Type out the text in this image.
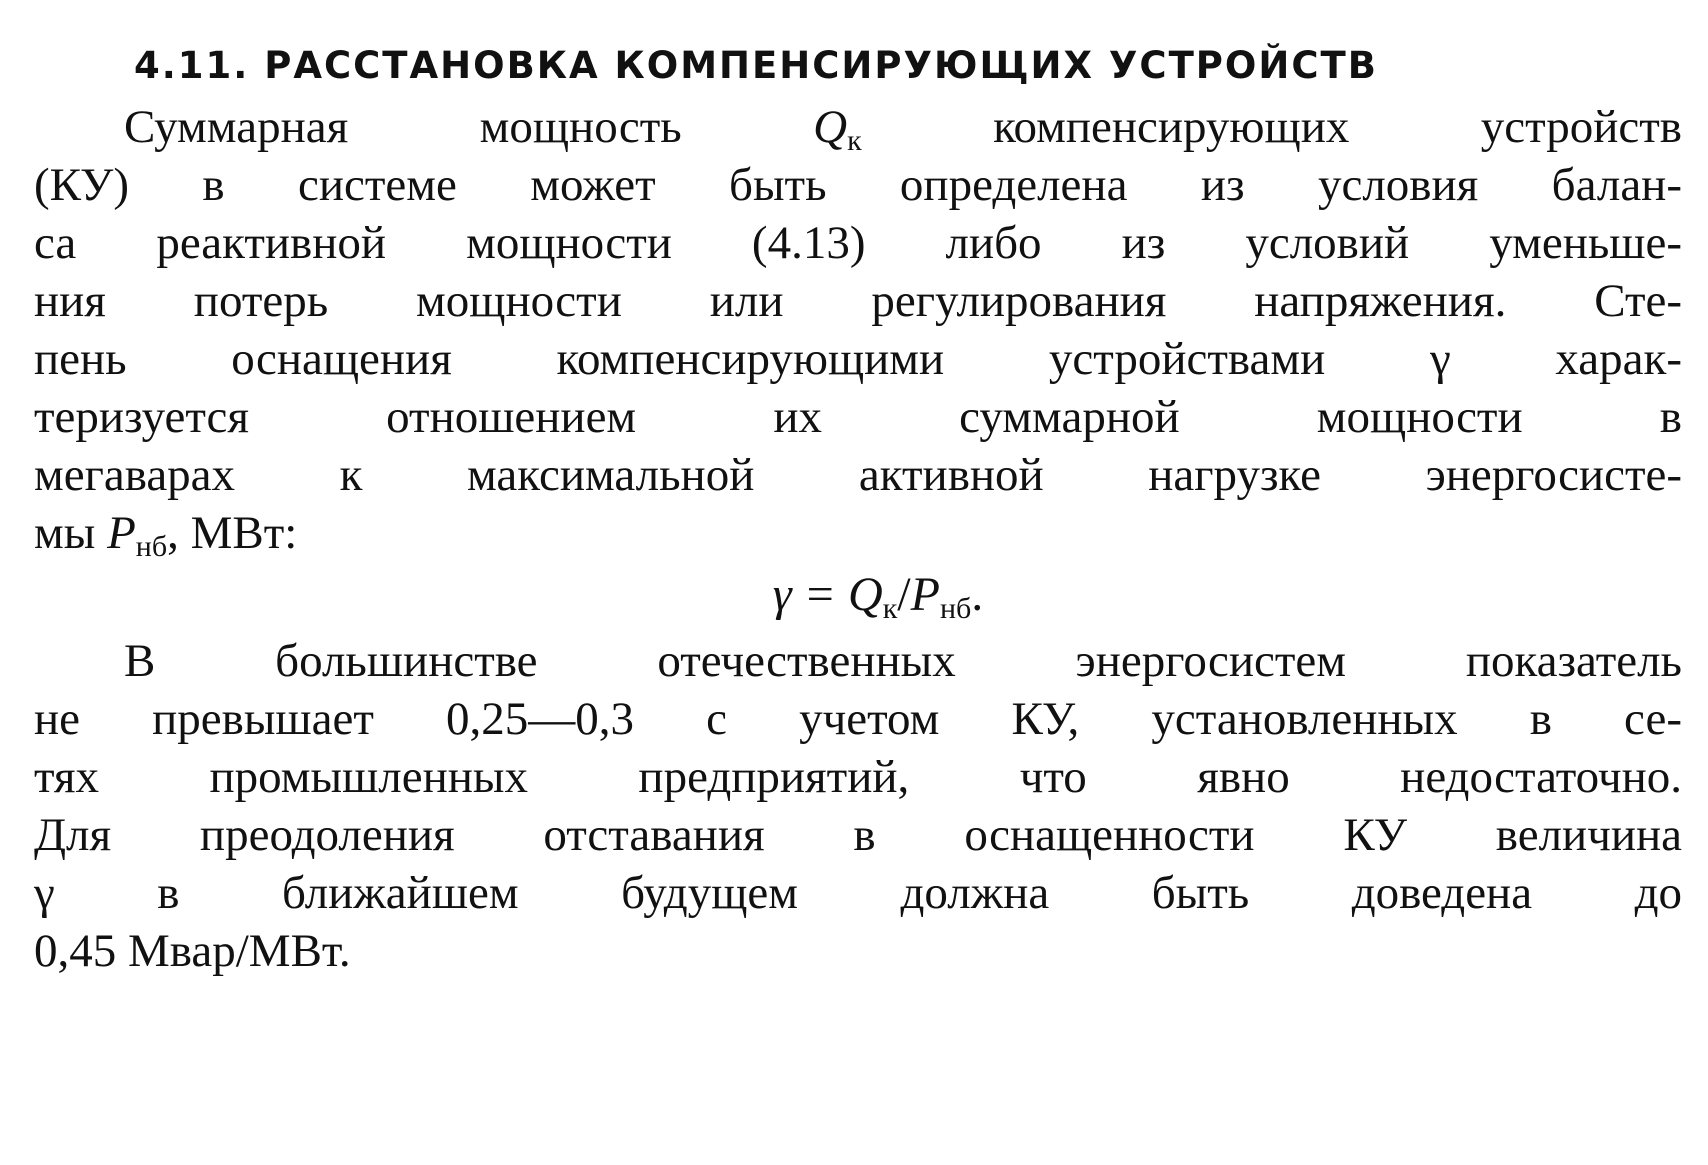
4.11. РАССТАНОВКА КОМПЕНСИРУЮЩИХ УСТРОЙСТВ
Суммарная мощность	$Q_к$	компенсирующих устройств
(КУ) в системе может быть определена из условия балан-
са реактивной мощности (4.13) либо из условий уменьше-
ния потерь мощности или регулирования напряжения. Сте-
пень оснащения компенсирующими устройствами γ харак-
теризуется отношением их суммарной мощности в
мегаварах к максимальной активной нагрузке энергосисте-
мы $P_{нб}$, МВт:
$\gamma = Q_к/P_{нб}$.
В большинстве отечественных энергосистем показатель
не превышает 0,25—0,3 с учетом КУ, установленных в се-
тях промышленных предприятий, что явно недостаточно.
Для преодоления отставания в оснащенности КУ величина
γ в ближайшем будущем должна быть доведена до
0,45 Мвар/МВт.
